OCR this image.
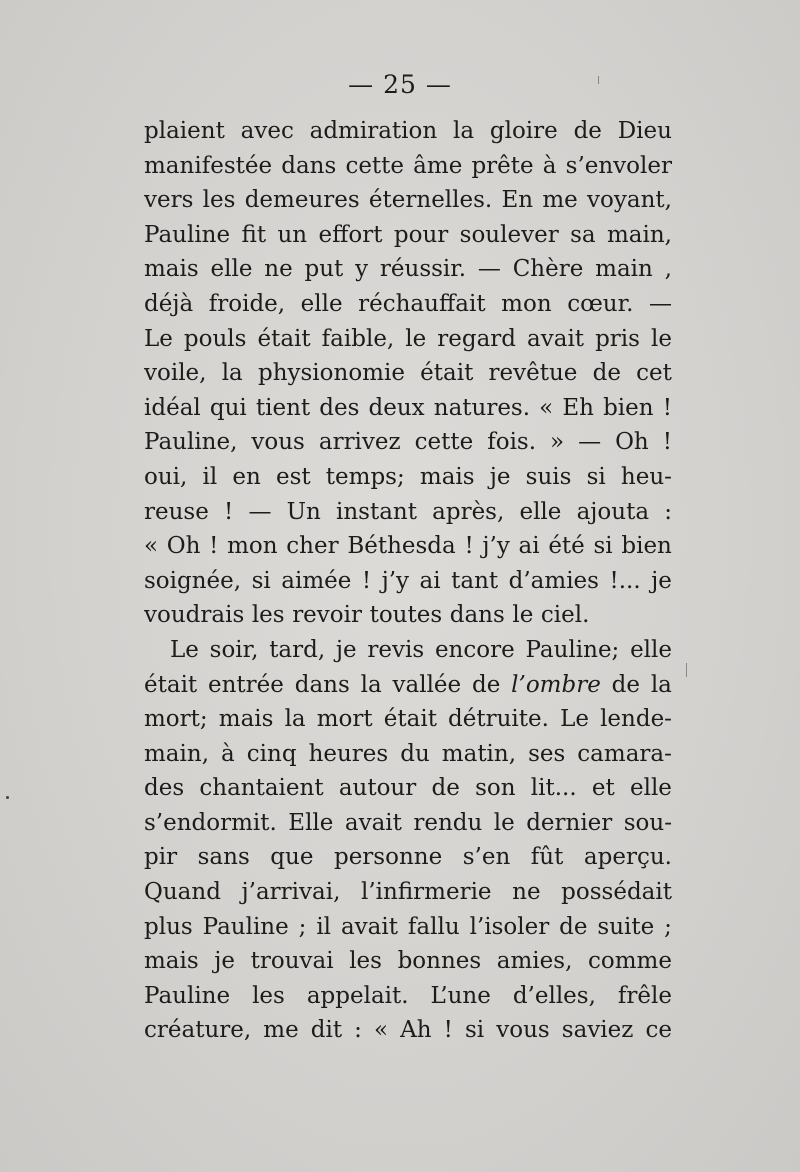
— 25 —
plaient avec admiration la gloire de Dieu
manifestée dans cette âme prête à s’envoler
vers les demeures éternelles. En me voyant,
Pauline fit un effort pour soulever sa main,
mais elle ne put y réussir. — Chère main ,
déjà froide, elle réchauffait mon cœur. —
Le pouls était faible, le regard avait pris le
voile, la physionomie était revêtue de cet
idéal qui tient des deux natures. « Eh bien !
Pauline, vous arrivez cette fois. » — Oh !
oui, il en est temps; mais je suis si heu-
reuse ! — Un instant après, elle ajouta :
« Oh ! mon cher Béthesda ! j’y ai été si bien
soignée, si aimée ! j’y ai tant d’amies !... je
voudrais les revoir toutes dans le ciel.
Le soir, tard, je revis encore Pauline; elle
était entrée dans la vallée de l’ombre de la
mort; mais la mort était détruite. Le lende-
main, à cinq heures du matin, ses camara-
des chantaient autour de son lit... et elle
s’endormit. Elle avait rendu le dernier sou-
pir sans que personne s’en fût aperçu.
Quand j’arrivai, l’infirmerie ne possédait
plus Pauline ; il avait fallu l’isoler de suite ;
mais je trouvai les bonnes amies, comme
Pauline les appelait. L’une d’elles, frêle
créature, me dit : « Ah ! si vous saviez ce
